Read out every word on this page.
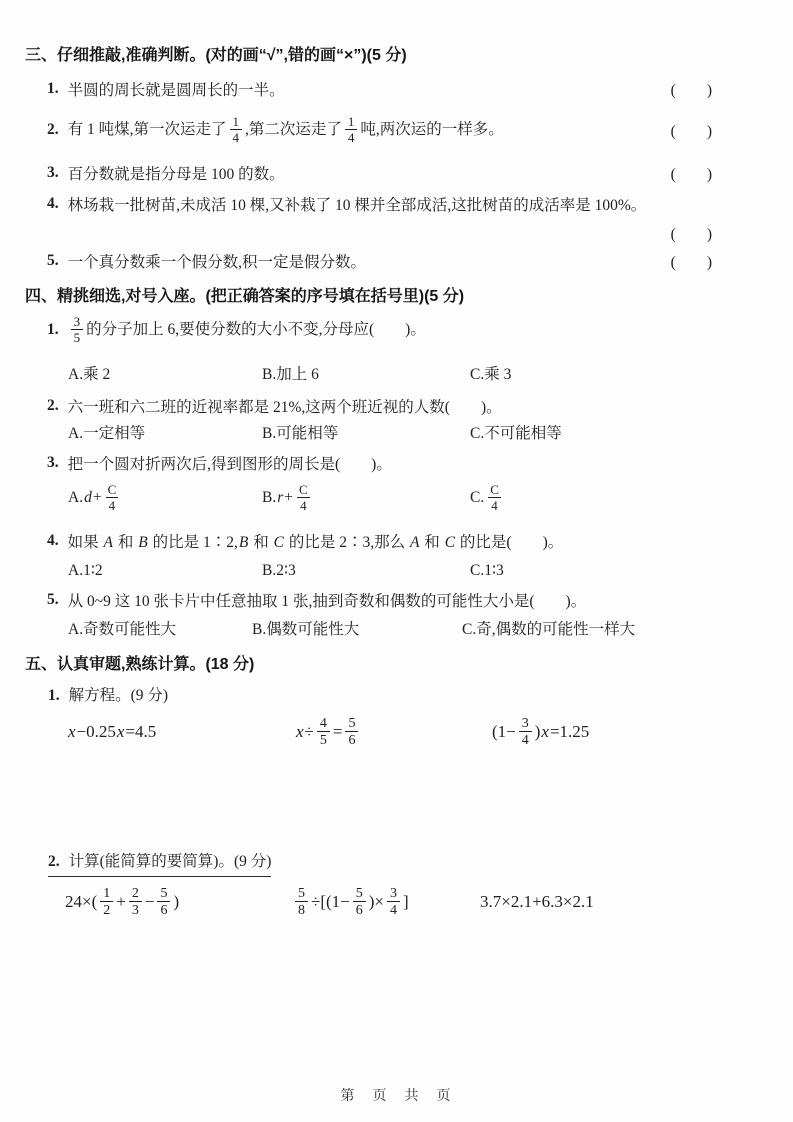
三、仔细推敲,准确判断。(对的画“√”,错的画“×”)(5 分)
1. 半圆的周长就是圆周长的一半。	(　　)
2. 有 1 吨煤,第一次运走了 $\frac{1}{4}$ ,第二次运走了 $\frac{1}{4}$ 吨,两次运的一样多。	(　　)
3. 百分数就是指分母是 100 的数。	(　　)
4. 林场栽一批树苗,未成活 10 棵,又补栽了 10 棵并全部成活,这批树苗的成活率是 100%。
(　　)
5. 一个真分数乘一个假分数,积一定是假分数。	(　　)
四、精挑细选,对号入座。(把正确答案的序号填在括号里)(5 分)
1. $\frac{3}{5}$ 的分子加上 6,要使分数的大小不变,分母应(　　)。
A.乘 2	B.加上 6	C.乘 3
2. 六一班和六二班的近视率都是 21%,这两个班近视的人数(　　)。
A.一定相等	B.可能相等	C.不可能相等
3. 把一个圆对折两次后,得到图形的周长是(　　)。
A. $d + \frac{C}{4}$	B. $r + \frac{C}{4}$	C. $\frac{C}{4}$
4. 如果 A 和 B 的比是 1∶2,B 和 C 的比是 2∶3,那么 A 和 C 的比是(　　)。
A.1∶2	B.2∶3	C.1∶3
5. 从 0~9 这 10 张卡片中任意抽取 1 张,抽到奇数和偶数的可能性大小是(　　)。
A.奇数可能性大	B.偶数可能性大	C.奇,偶数的可能性一样大
五、认真审题,熟练计算。(18 分)
1. 解方程。(9 分)
x −0.25 x =4.5	$x \div \frac{4}{5} = \frac{5}{6}$	($1- \frac{3}{4}$ ) x =1.25
2. 计算(能简算的要简算)。(9 分)
$24\times( \frac{1}{2} + \frac{2}{3} - \frac{5}{6}$ )	$\frac{5}{8} \div[(1- \frac{5}{6}$ )× $\frac{3}{4}$ ]	3.7×2.1+6.3×2.1
第　页　共　页
